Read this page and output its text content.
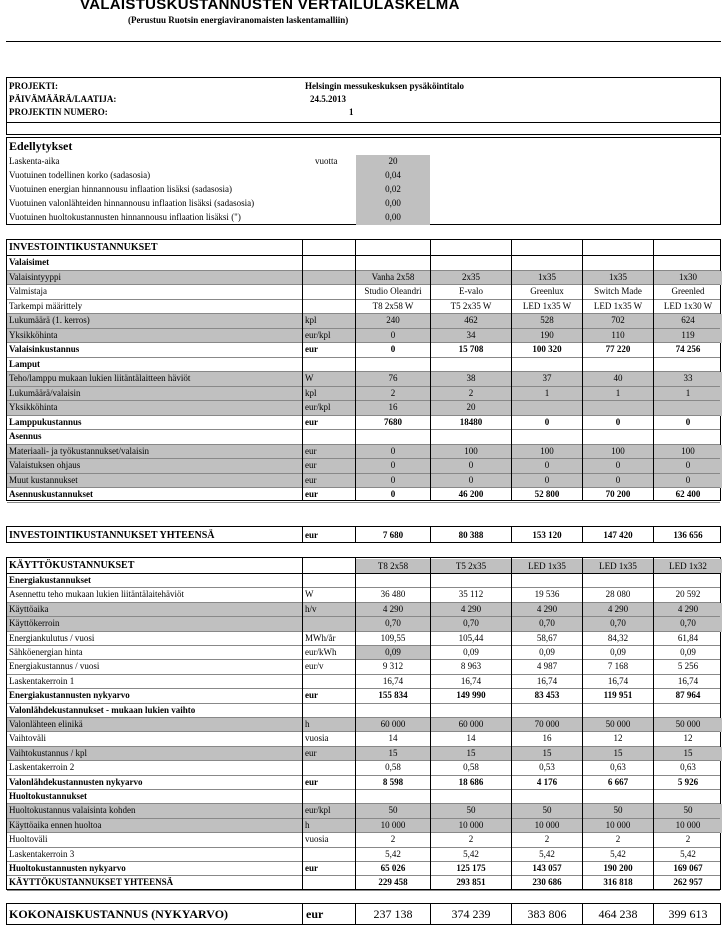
VALAISTUSKUSTANNUSTEN VERTAILULASKELMA
(Perustuu Ruotsin energiaviranomaisten laskentamalliin)
PROJEKTI:	Helsingin messukeskuksen pysäköintitalo
PÄIVÄMÄÄRÄ/LAATIJA:	24.5.2013
PROJEKTIN NUMERO:	1
Edellytykset
Laskenta-aika	vuotta	20
Vuotuinen todellinen korko (sadasosia)	0,04
Vuotuinen energian hinnannousu inflaation lisäksi (sadasosia)	0,02
Vuotuinen valonlähteiden hinnannousu inflaation lisäksi (sadasosia)	0,00
Vuotuinen huoltokustannusten hinnannousu inflaation lisäksi (")	0,00
INVESTOINTIKUSTANNUKSET
Valaisimet
Valaisintyyppi	Vanha 2x58	2x35	1x35	1x35	1x30
Valmistaja	Studio Oleandri	E-valo	Greenlux	Switch Made	Greenled
Tarkempi määrittely	T8 2x58 W	T5 2x35 W	LED 1x35 W	LED 1x35 W	LED 1x30 W
Lukumäärä (1. kerros)	kpl	240	462	528	702	624
Yksikköhinta	eur/kpl	0	34	190	110	119
Valaisinkustannus	eur	0	15 708	100 320	77 220	74 256
Lamput
Teho/lamppu mukaan lukien liitäntälaitteen häviöt	W	76	38	37	40	33
Lukumäärä/valaisin	kpl	2	2	1	1	1
Yksikköhinta	eur/kpl	16	20
Lamppukustannus	eur	7680	18480	0	0	0
Asennus
Materiaali- ja työkustannukset/valaisin	eur	0	100	100	100	100
Valaistuksen ohjaus	eur	0	0	0	0	0
Muut kustannukset	eur	0	0	0	0	0
Asennuskustannukset	eur	0	46 200	52 800	70 200	62 400
INVESTOINTIKUSTANNUKSET YHTEENSÄ	eur	7 680	80 388	153 120	147 420	136 656
KÄYTTÖKUSTANNUKSET	T8 2x58	T5 2x35	LED 1x35	LED 1x35	LED 1x32
Energiakustannukset
Asennettu teho mukaan lukien liitäntälaitehäviöt	W	36 480	35 112	19 536	28 080	20 592
Käyttöaika	h/v	4 290	4 290	4 290	4 290	4 290
Käyttökerroin	0,70	0,70	0,70	0,70	0,70
Energiankulutus / vuosi	MWh/år	109,55	105,44	58,67	84,32	61,84
Sähköenergian hinta	eur/kWh	0,09	0,09	0,09	0,09	0,09
Energiakustannus / vuosi	eur/v	9 312	8 963	4 987	7 168	5 256
Laskentakerroin 1	16,74	16,74	16,74	16,74	16,74
Energiakustannusten nykyarvo	eur	155 834	149 990	83 453	119 951	87 964
Valonlähdekustannukset - mukaan lukien vaihto
Valonlähteen elinikä	h	60 000	60 000	70 000	50 000	50 000
Vaihtoväli	vuosia	14	14	16	12	12
Vaihtokustannus / kpl	eur	15	15	15	15	15
Laskentakerroin 2	0,58	0,58	0,53	0,63	0,63
Valonlähdekustannusten nykyarvo	eur	8 598	18 686	4 176	6 667	5 926
Huoltokustannukset
Huoltokustannus valaisinta kohden	eur/kpl	50	50	50	50	50
Käyttöaika ennen huoltoa	h	10 000	10 000	10 000	10 000	10 000
Huoltoväli	vuosia	2	2	2	2	2
Laskentakerroin 3	5,42	5,42	5,42	5,42	5,42
Huoltokustannusten nykyarvo	eur	65 026	125 175	143 057	190 200	169 067
KÄYTTÖKUSTANNUKSET YHTEENSÄ	229 458	293 851	230 686	316 818	262 957
KOKONAISKUSTANNUS (NYKYARVO)	eur	237 138	374 239	383 806	464 238	399 613
